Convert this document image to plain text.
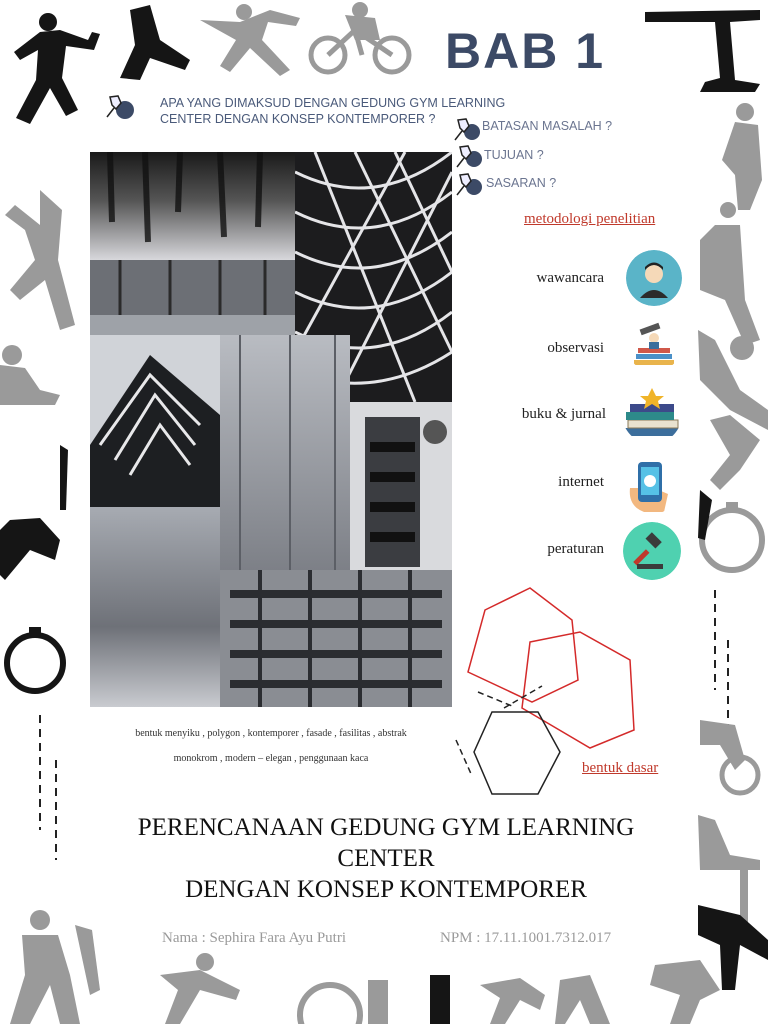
BAB 1
APA YANG DIMAKSUD DENGAN GEDUNG GYM LEARNING CENTER DENGAN KONSEP KONTEMPORER ?	BATASAN MASALAH ?
TUJUAN ?
SASARAN ?
metodologi penelitian
wawancara
observasi
buku & jurnal
internet
peraturan
bentuk menyiku , polygon , kontemporer , fasade , fasilitas , abstrak
monokrom , modern – elegan , penggunaan kaca
bentuk dasar
PERENCANAAN GEDUNG GYM LEARNING
CENTER
DENGAN KONSEP KONTEMPORER
Nama : Sephira Fara Ayu Putri	NPM : 17.11.1001.7312.017
